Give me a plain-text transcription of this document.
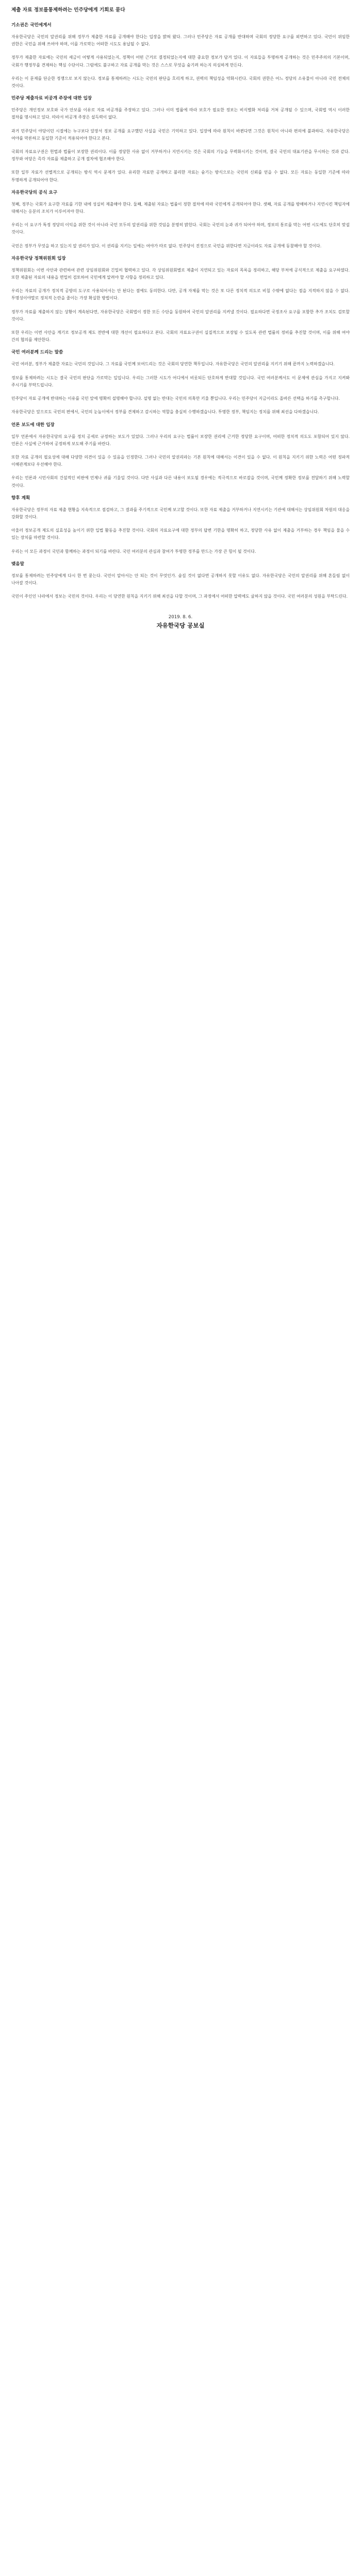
제출 자료 정보를통제하려는 민주당에게 기회로 묻다
기소권은 국민에게서

자유한국당은 국민의 알권리를 위해 정부가 제출한 자료를 공개해야 한다는 입장을 밝혀 왔다. 그러나 민주당은 자료 공개를 반대하며 국회의 정당한 요구를 외면하고 있다. 국민이 위임한 권한은 국민을 위해 쓰여야 하며, 이를 가로막는 어떠한 시도도 용납될 수 없다.

정부가 제출한 자료에는 국민의 세금이 어떻게 사용되었는지, 정책이 어떤 근거로 결정되었는지에 대한 중요한 정보가 담겨 있다. 이 자료들을 투명하게 공개하는 것은 민주주의의 기본이며, 국회가 행정부를 견제하는 핵심 수단이다. 그럼에도 불구하고 자료 공개를 막는 것은 스스로 무엇을 숨기려 하는지 의심하게 만든다.

우리는 이 문제를 단순한 정쟁으로 보지 않는다. 정보를 통제하려는 시도는 국민의 판단을 흐리게 하고, 권력의 책임성을 약화시킨다. 국회의 권한은 어느 정당의 소유물이 아니라 국민 전체의 것이다.

민주당 제출자료 비공개 주장에 대한 입장

민주당은 개인정보 보호와 국가 안보를 이유로 자료 비공개를 주장하고 있다. 그러나 이미 법률에 따라 보호가 필요한 정보는 비식별화 처리를 거쳐 공개될 수 있으며, 국회법 역시 이러한 절차를 명시하고 있다. 따라서 비공개 주장은 설득력이 없다.

과거 민주당이 야당이던 시절에는 누구보다 앞장서 정보 공개를 요구했던 사실을 국민은 기억하고 있다. 입장에 따라 원칙이 바뀐다면 그것은 원칙이 아니라 편의에 불과하다. 자유한국당은 여야를 막론하고 동일한 기준이 적용되어야 한다고 본다.

국회의 자료요구권은 헌법과 법률이 보장한 권리이다. 이를 정당한 사유 없이 거부하거나 지연시키는 것은 국회의 기능을 무력화시키는 것이며, 결국 국민의 대표기관을 무시하는 것과 같다. 정부와 여당은 즉각 자료를 제출하고 공개 절차에 협조해야 한다.

또한 일부 자료가 선별적으로 공개되는 방식 역시 문제가 있다. 유리한 자료만 공개하고 불리한 자료는 숨기는 방식으로는 국민의 신뢰를 얻을 수 없다. 모든 자료는 동일한 기준에 따라 투명하게 공개되어야 한다.

자유한국당의 공식 요구

첫째, 정부는 국회가 요구한 자료를 기한 내에 성실히 제출해야 한다. 둘째, 제출된 자료는 법률이 정한 절차에 따라 국민에게 공개되어야 한다. 셋째, 자료 공개를 방해하거나 지연시킨 책임자에 대해서는 응분의 조치가 이루어져야 한다.

우리는 이 요구가 특정 정당의 이익을 위한 것이 아니라 국민 모두의 알권리를 위한 것임을 분명히 밝힌다. 국회는 국민의 눈과 귀가 되어야 하며, 정보의 통로를 막는 어떤 시도에도 단호히 맞설 것이다.

국민은 정부가 무엇을 하고 있는지 알 권리가 있다. 이 권리를 지키는 일에는 여야가 따로 없다. 민주당이 진정으로 국민을 위한다면 지금이라도 자료 공개에 동참해야 할 것이다.

자유한국당 정책위원회 입장

정책위원회는 이번 사안과 관련하여 관련 상임위원회와 긴밀히 협력하고 있다. 각 상임위원회별로 제출이 지연되고 있는 자료의 목록을 정리하고, 해당 부처에 공식적으로 제출을 요구하였다. 또한 제출된 자료의 내용을 면밀히 검토하여 국민에게 알려야 할 사항을 정리하고 있다.

우리는 자료의 공개가 정치적 공방의 도구로 사용되어서는 안 된다는 점에도 동의한다. 다만, 공개 자체를 막는 것은 또 다른 정치적 의도로 비칠 수밖에 없다는 점을 지적하지 않을 수 없다. 투명성이야말로 정치적 논란을 줄이는 가장 확실한 방법이다.

정부가 자료를 제출하지 않는 상황이 계속된다면, 자유한국당은 국회법이 정한 모든 수단을 동원하여 국민의 알권리를 지켜낼 것이다. 필요하다면 국정조사 요구를 포함한 추가 조치도 검토할 것이다.

또한 우리는 이번 사안을 계기로 정보공개 제도 전반에 대한 개선이 필요하다고 본다. 국회의 자료요구권이 실질적으로 보장될 수 있도록 관련 법률의 정비를 추진할 것이며, 이를 위해 여야 간의 협의를 제안한다.

국민 여러분께 드리는 말씀

국민 여러분, 정부가 제출한 자료는 국민의 것입니다. 그 자료를 국민께 보여드리는 것은 국회의 당연한 책무입니다. 자유한국당은 국민의 알권리를 지키기 위해 끝까지 노력하겠습니다.

정보를 통제하려는 시도는 결국 국민의 판단을 가로막는 일입니다. 우리는 그러한 시도가 어디에서 비롯되든 단호하게 반대할 것입니다. 국민 여러분께서도 이 문제에 관심을 가지고 지켜봐 주시기를 부탁드립니다.

민주당이 자료 공개에 반대하는 이유를 국민 앞에 명확히 설명해야 합니다. 설명 없는 반대는 국민의 의혹만 키울 뿐입니다. 우리는 민주당이 지금이라도 올바른 선택을 하기를 촉구합니다.

자유한국당은 앞으로도 국민의 편에서, 국민의 눈높이에서 정부를 견제하고 감시하는 역할을 충실히 수행하겠습니다. 투명한 정부, 책임지는 정치를 위해 최선을 다하겠습니다.

언론 보도에 대한 입장

일부 언론에서 자유한국당의 요구를 정치 공세로 규정하는 보도가 있었다. 그러나 우리의 요구는 법률이 보장한 권리에 근거한 정당한 요구이며, 어떠한 정치적 의도도 포함되어 있지 않다. 언론은 사실에 근거하여 공정하게 보도해 주기를 바란다.

또한 자료 공개의 필요성에 대해 다양한 의견이 있을 수 있음을 인정한다. 그러나 국민의 알권리라는 기본 원칙에 대해서는 이견이 있을 수 없다. 이 원칙을 지키기 위한 노력은 어떤 정파적 이해관계보다 우선해야 한다.

우리는 언론과 시민사회의 건설적인 비판에 언제나 귀를 기울일 것이다. 다만 사실과 다른 내용이 보도될 경우에는 적극적으로 바로잡을 것이며, 국민께 정확한 정보를 전달하기 위해 노력할 것이다.

향후 계획

자유한국당은 정부의 자료 제출 현황을 지속적으로 점검하고, 그 결과를 주기적으로 국민께 보고할 것이다. 또한 자료 제출을 거부하거나 지연시키는 기관에 대해서는 상임위원회 차원의 대응을 강화할 것이다.

아울러 정보공개 제도의 실효성을 높이기 위한 입법 활동을 추진할 것이다. 국회의 자료요구에 대한 정부의 답변 기한을 명확히 하고, 정당한 사유 없이 제출을 거부하는 경우 책임을 물을 수 있는 장치를 마련할 것이다.

우리는 이 모든 과정이 국민과 함께하는 과정이 되기를 바란다. 국민 여러분의 관심과 참여가 투명한 정부를 만드는 가장 큰 힘이 될 것이다.

맺음말

정보를 통제하려는 민주당에게 다시 한 번 묻는다. 국민이 알아서는 안 되는 것이 무엇인가. 숨길 것이 없다면 공개하지 못할 이유도 없다. 자유한국당은 국민의 알권리를 위해 흔들림 없이 나아갈 것이다.

국민이 주인인 나라에서 정보는 국민의 것이다. 우리는 이 당연한 원칙을 지키기 위해 최선을 다할 것이며, 그 과정에서 어떠한 압력에도 굴하지 않을 것이다. 국민 여러분의 성원을 부탁드린다.

2019. 8. 6.
자유한국당 공보실
